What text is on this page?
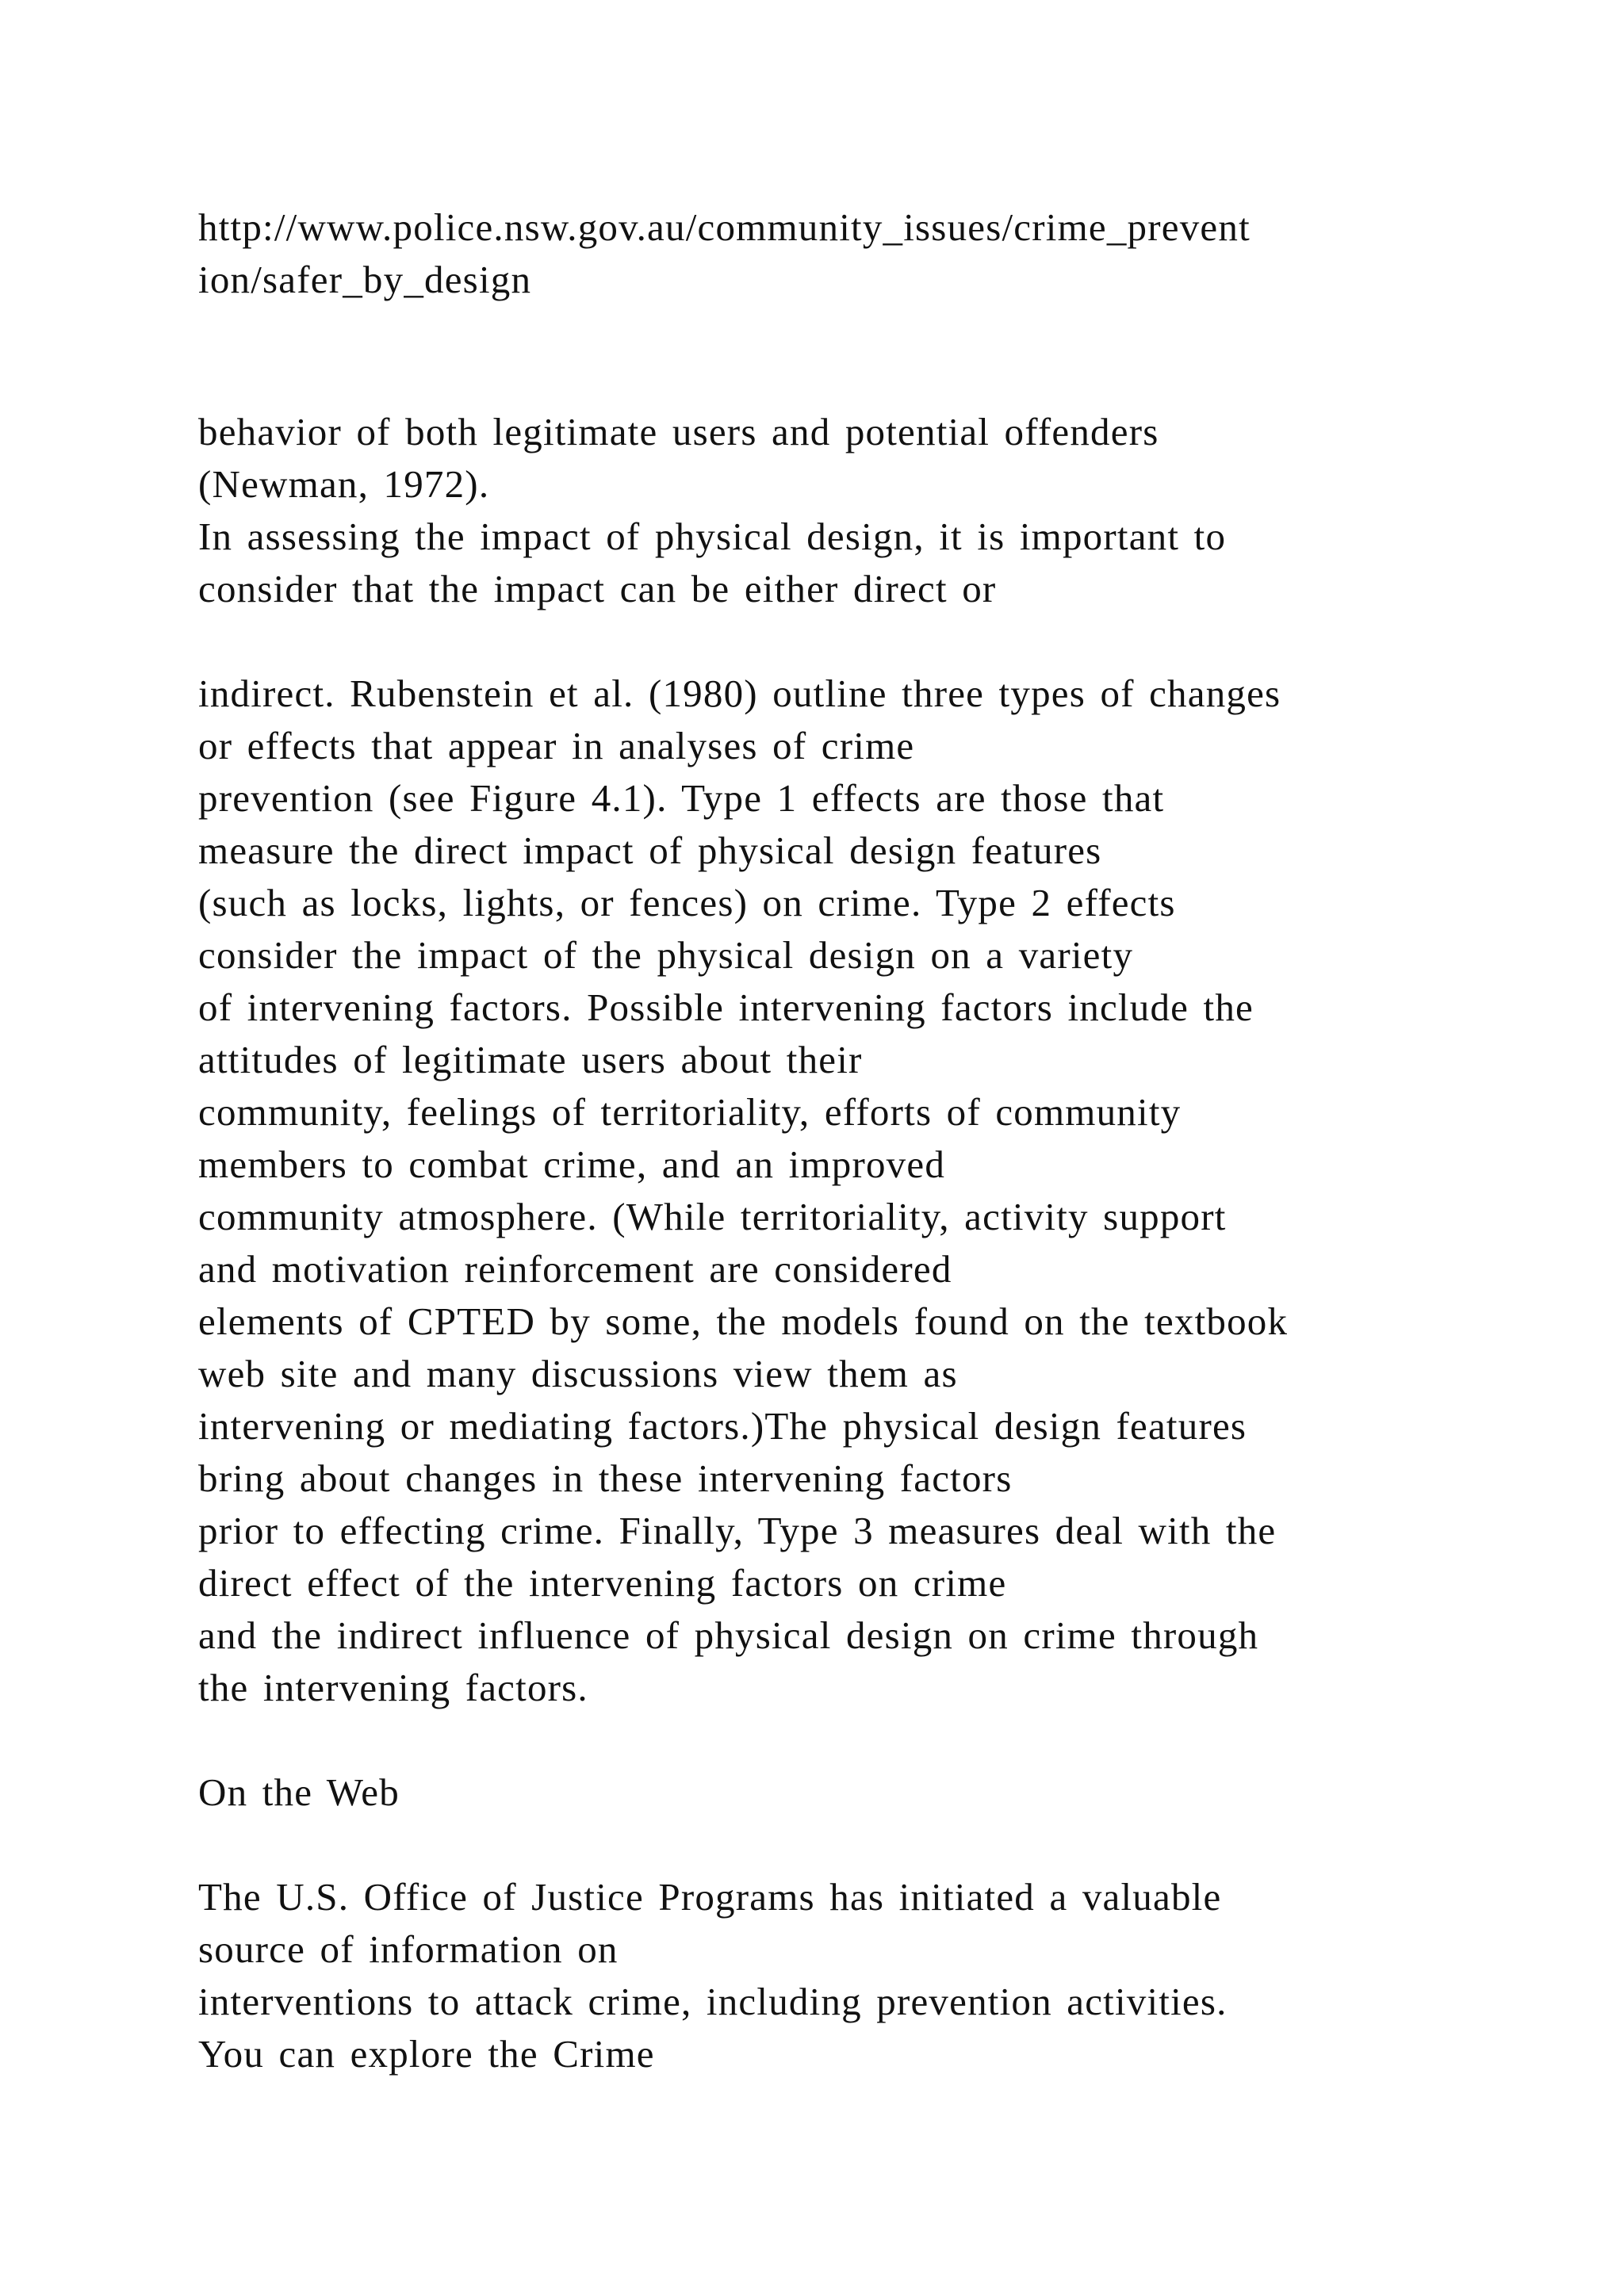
http://www.police.nsw.gov.au/community_issues/crime_prevent

ion/safer_by_design

behavior of both legitimate users and potential offenders

(Newman, 1972).

In assessing the impact of physical design, it is important to

consider that the impact can be either direct or

indirect. Rubenstein et al. (1980) outline three types of changes

or effects that appear in analyses of crime

prevention (see Figure 4.1). Type 1 effects are those that

measure the direct impact of physical design features

(such as locks, lights, or fences) on crime. Type 2 effects

consider the impact of the physical design on a variety

of intervening factors. Possible intervening factors include the

attitudes of legitimate users about their

community, feelings of territoriality, efforts of community

members to combat crime, and an improved

community atmosphere. (While territoriality, activity support

and motivation reinforcement are considered

elements of CPTED by some, the models found on the textbook

web site and many discussions view them as

intervening or mediating factors.)The physical design features

bring about changes in these intervening factors

prior to effecting crime. Finally, Type 3 measures deal with the

direct effect of the intervening factors on crime

and the indirect influence of physical design on crime through

the intervening factors.

On the Web

The U.S. Office of Justice Programs has initiated a valuable

source of information on

interventions to attack crime, including prevention activities.

You can explore the Crime
